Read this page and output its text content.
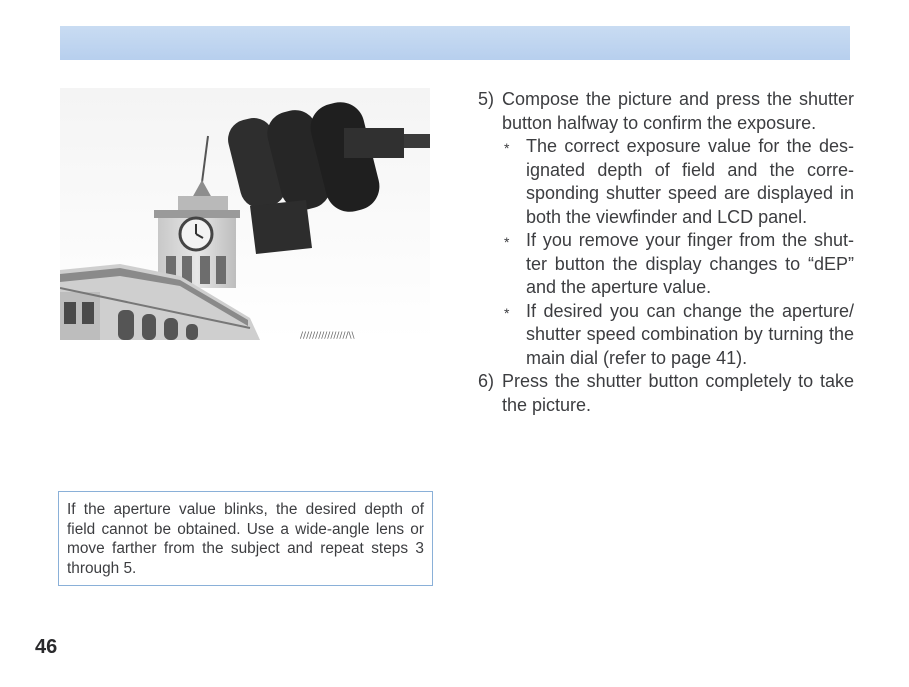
////////////////\\
5) Compose the picture and press the shutter button halfway to confirm the exposure.
* The correct exposure value for the designated depth of field and the corresponding shutter speed are displayed in both the viewfinder and LCD panel.
* If you remove your finger from the shutter button the display changes to “dEP” and the aperture value.
* If desired you can change the aperture/ shutter speed combination by turning the main dial (refer to page 41).
6) Press the shutter button completely to take the picture.
If the aperture value blinks, the desired depth of field cannot be obtained. Use a wide-angle lens or move farther from the subject and repeat steps 3 through 5.
46
